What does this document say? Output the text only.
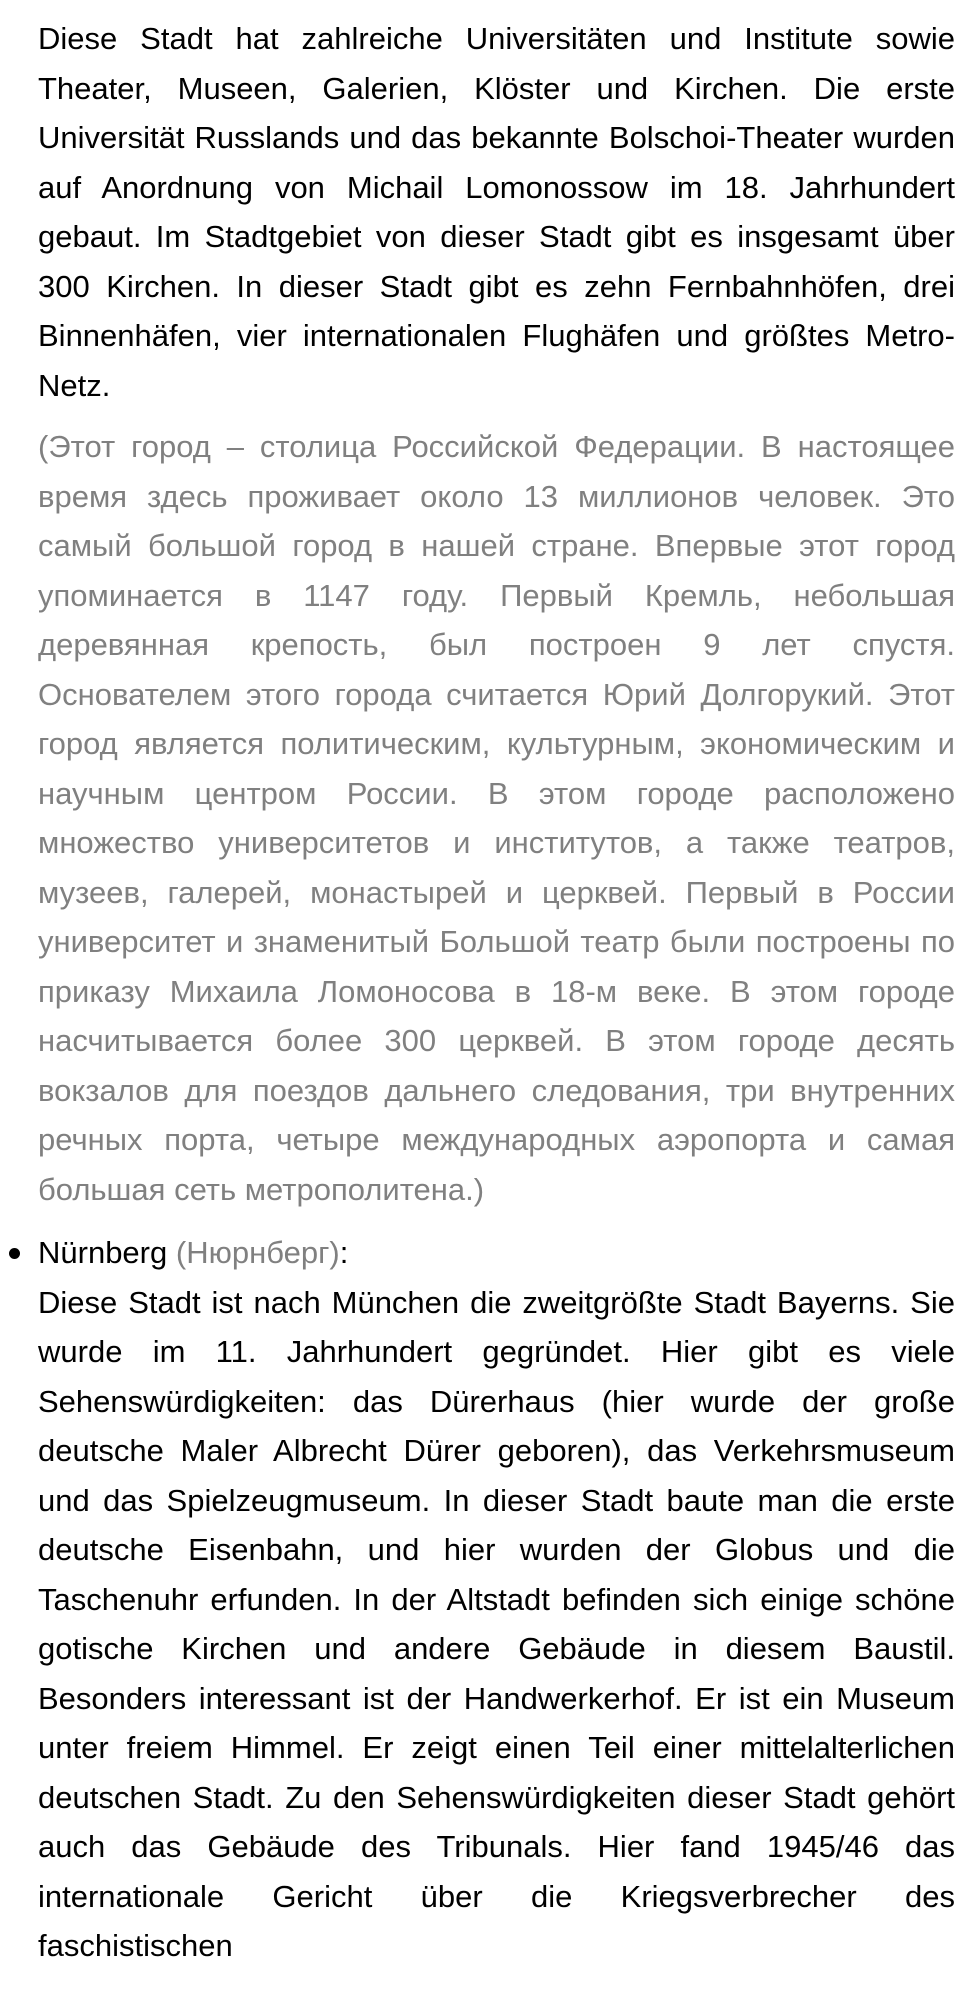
Diese Stadt hat zahlreiche Universitäten und Institute sowie Theater, Museen, Galerien, Klöster und Kirchen. Die erste Universität Russlands und das bekannte Bolschoi-Theater wurden auf Anordnung von Michail Lomonossow im 18. Jahrhundert gebaut. Im Stadtgebiet von dieser Stadt gibt es insgesamt über 300 Kirchen. In dieser Stadt gibt es zehn Fernbahnhöfen, drei Binnenhäfen, vier internationalen Flughäfen und größtes Metro-Netz.

(Этот город – столица Российской Федерации. В настоящее время здесь проживает около 13 миллионов человек. Это самый большой город в нашей стране. Впервые этот город упоминается в 1147 году. Первый Кремль, небольшая деревянная крепость, был построен 9 лет спустя. Основателем этого города считается Юрий Долгорукий. Этот город является политическим, культурным, экономическим и научным центром России. В этом городе расположено множество университетов и институтов, а также театров, музеев, галерей, монастырей и церквей. Первый в России университет и знаменитый Большой театр были построены по приказу Михаила Ломоносова в 18-м веке. В этом городе насчитывается более 300 церквей. В этом городе десять вокзалов для поездов дальнего следования, три внутренних речных порта, четыре международных аэропорта и самая большая сеть метрополитена.)

Nürnberg (Нюрнберг):

Diese Stadt ist nach München die zweitgrößte Stadt Bayerns. Sie wurde im 11. Jahrhundert gegründet. Hier gibt es viele Sehenswürdigkeiten: das Dürerhaus (hier wurde der große deutsche Maler Albrecht Dürer geboren), das Verkehrsmuseum und das Spielzeugmuseum. In dieser Stadt baute man die erste deutsche Eisenbahn, und hier wurden der Globus und die Taschenuhr erfunden. In der Altstadt befinden sich einige schöne gotische Kirchen und andere Gebäude in diesem Baustil. Besonders interessant ist der Handwerkerhof. Er ist ein Museum unter freiem Himmel. Er zeigt einen Teil einer mittelalterlichen deutschen Stadt. Zu den Sehenswürdigkeiten dieser Stadt gehört auch das Gebäude des Tribunals. Hier fand 1945/46 das internationale Gericht über die Kriegsverbrecher des faschistischen
